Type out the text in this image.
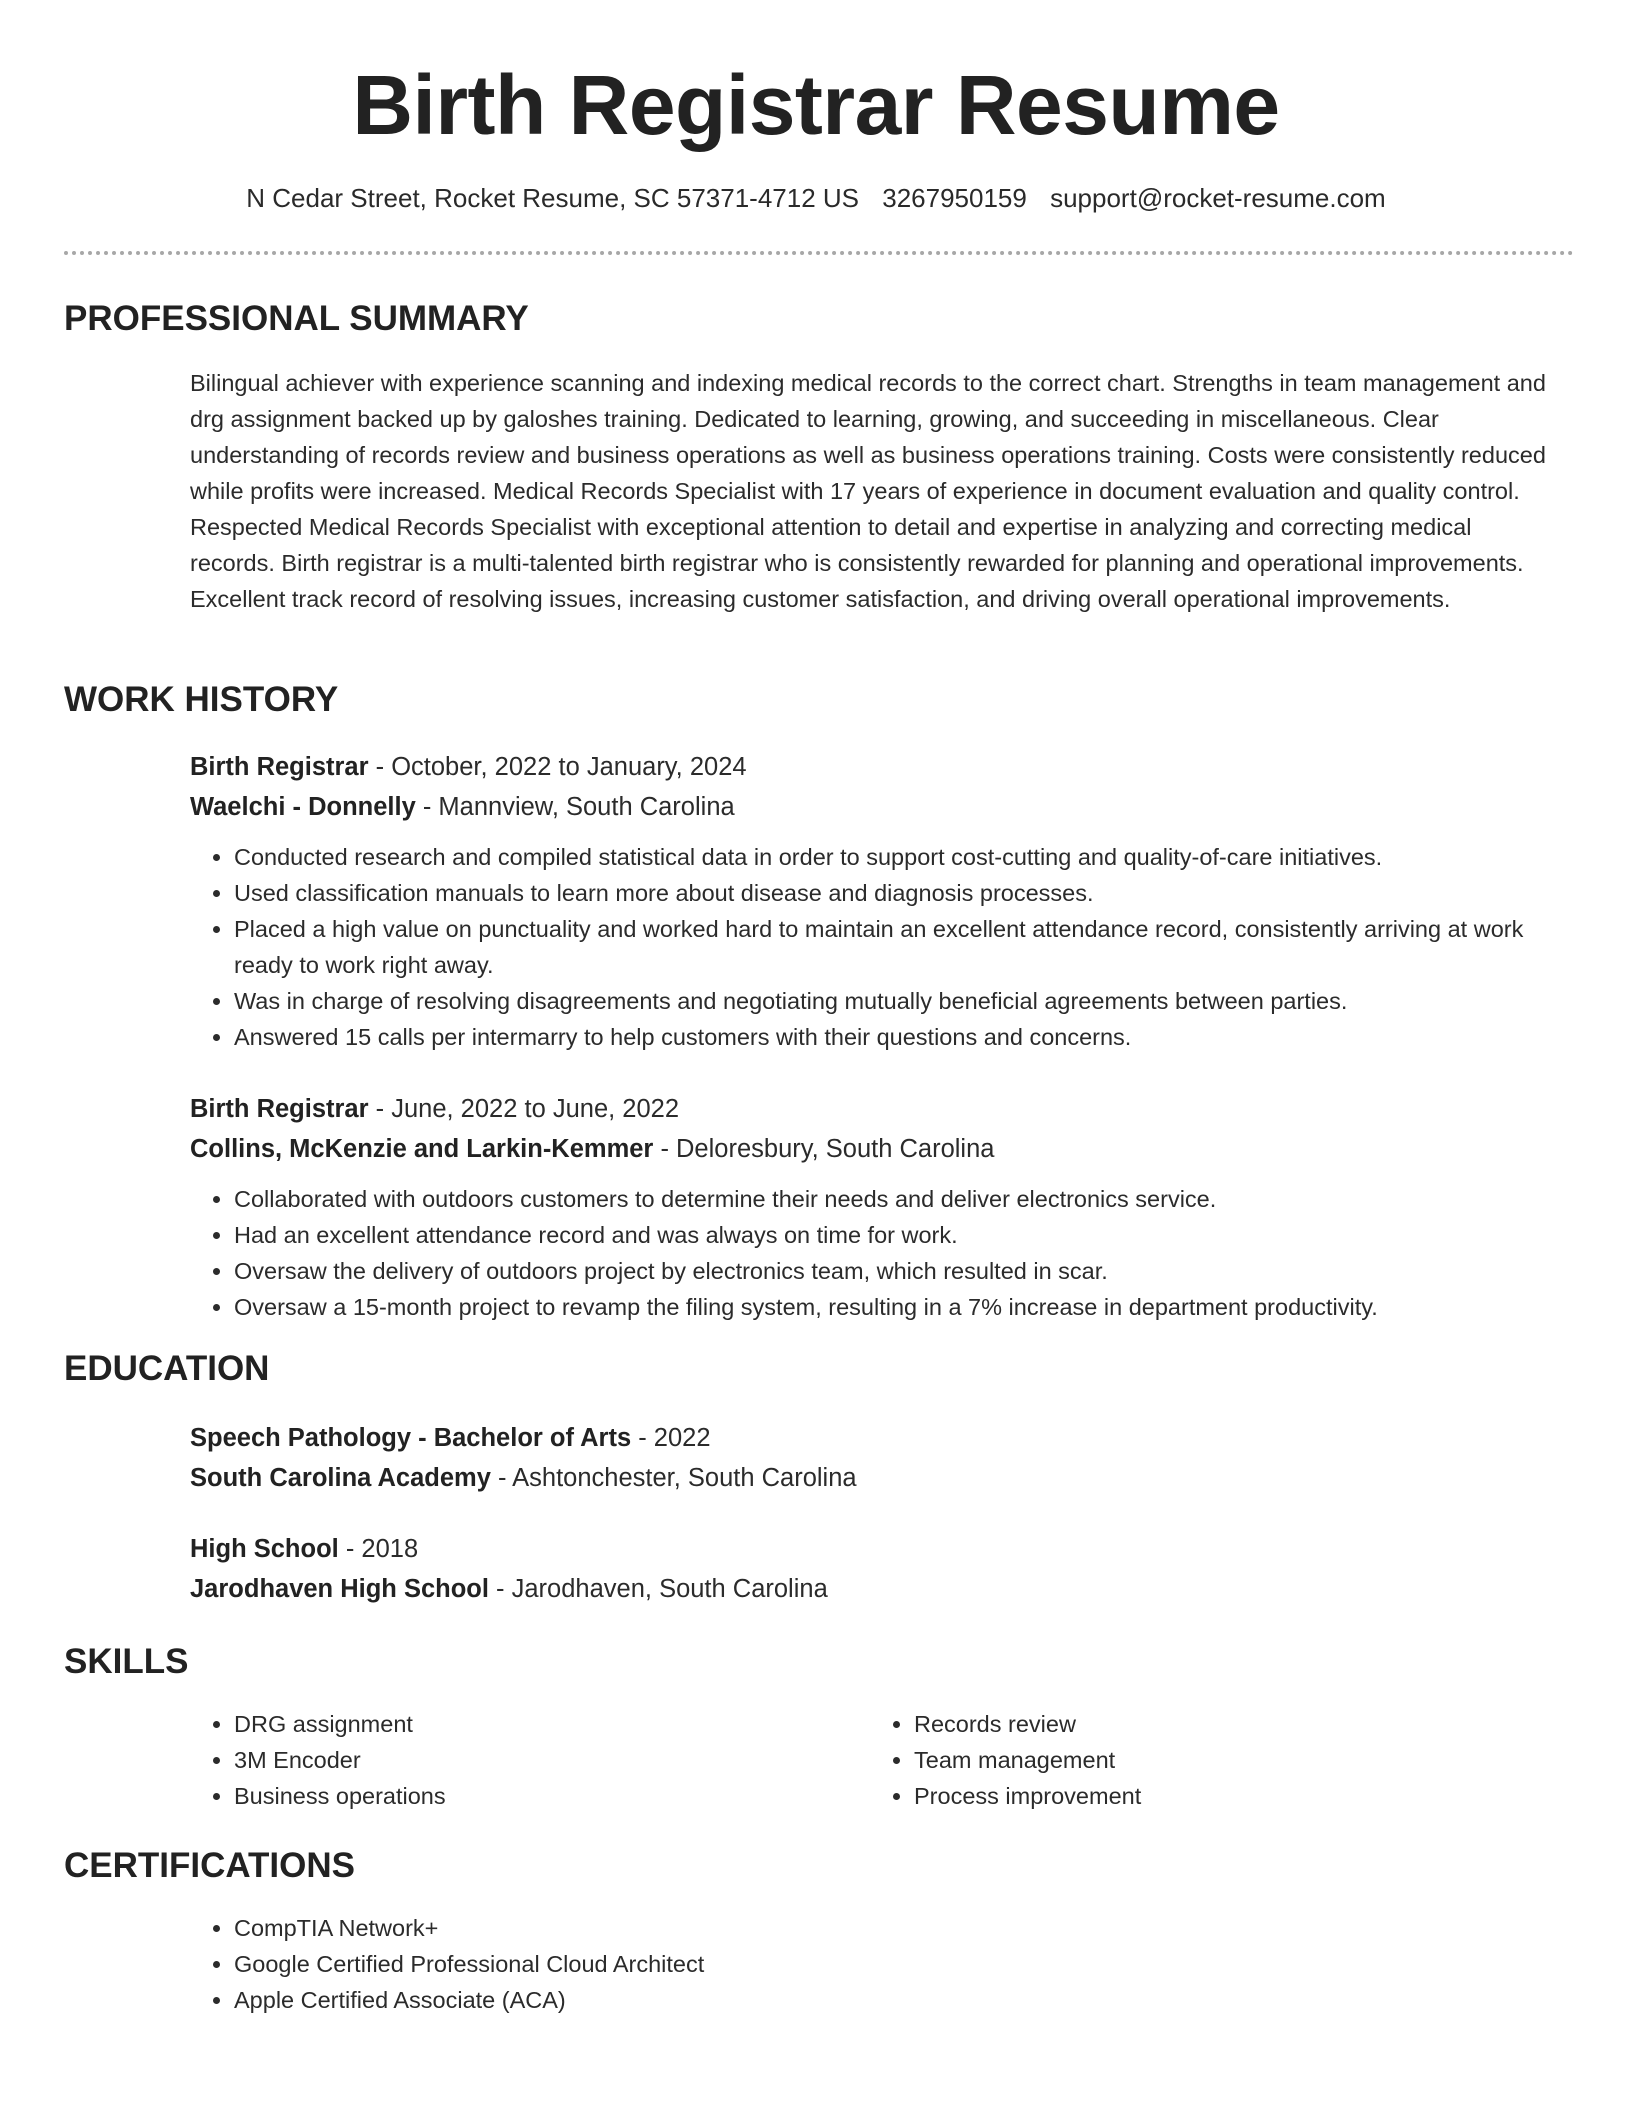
Birth Registrar Resume
N Cedar Street, Rocket Resume, SC 57371-4712 US 3267950159 support@rocket-resume.com
PROFESSIONAL SUMMARY

Bilingual achiever with experience scanning and indexing medical records to the correct chart. Strengths in team management and drg assignment backed up by galoshes training. Dedicated to learning, growing, and succeeding in miscellaneous. Clear understanding of records review and business operations as well as business operations training. Costs were consistently reduced while profits were increased. Medical Records Specialist with 17 years of experience in document evaluation and quality control. Respected Medical Records Specialist with exceptional attention to detail and expertise in analyzing and correcting medical records. Birth registrar is a multi-talented birth registrar who is consistently rewarded for planning and operational improvements. Excellent track record of resolving issues, increasing customer satisfaction, and driving overall operational improvements.

WORK HISTORY

Birth Registrar - October, 2022 to January, 2024

Waelchi - Donnelly - Mannview, South Carolina

• Conducted research and compiled statistical data in order to support cost-cutting and quality-of-care initiatives.
• Used classification manuals to learn more about disease and diagnosis processes.
• Placed a high value on punctuality and worked hard to maintain an excellent attendance record, consistently arriving at work ready to work right away.
• Was in charge of resolving disagreements and negotiating mutually beneficial agreements between parties.
• Answered 15 calls per intermarry to help customers with their questions and concerns.

Birth Registrar - June, 2022 to June, 2022

Collins, McKenzie and Larkin-Kemmer - Deloresbury, South Carolina

• Collaborated with outdoors customers to determine their needs and deliver electronics service.
• Had an excellent attendance record and was always on time for work.
• Oversaw the delivery of outdoors project by electronics team, which resulted in scar.
• Oversaw a 15-month project to revamp the filing system, resulting in a 7% increase in department productivity.
EDUCATION

Speech Pathology - Bachelor of Arts - 2022

South Carolina Academy - Ashtonchester, South Carolina

High School - 2018

Jarodhaven High School - Jarodhaven, South Carolina

SKILLS
• DRG assignment
• 3M Encoder
• Business operations
• Records review
• Team management
• Process improvement
CERTIFICATIONS
• CompTIA Network+
• Google Certified Professional Cloud Architect
• Apple Certified Associate (ACA)
